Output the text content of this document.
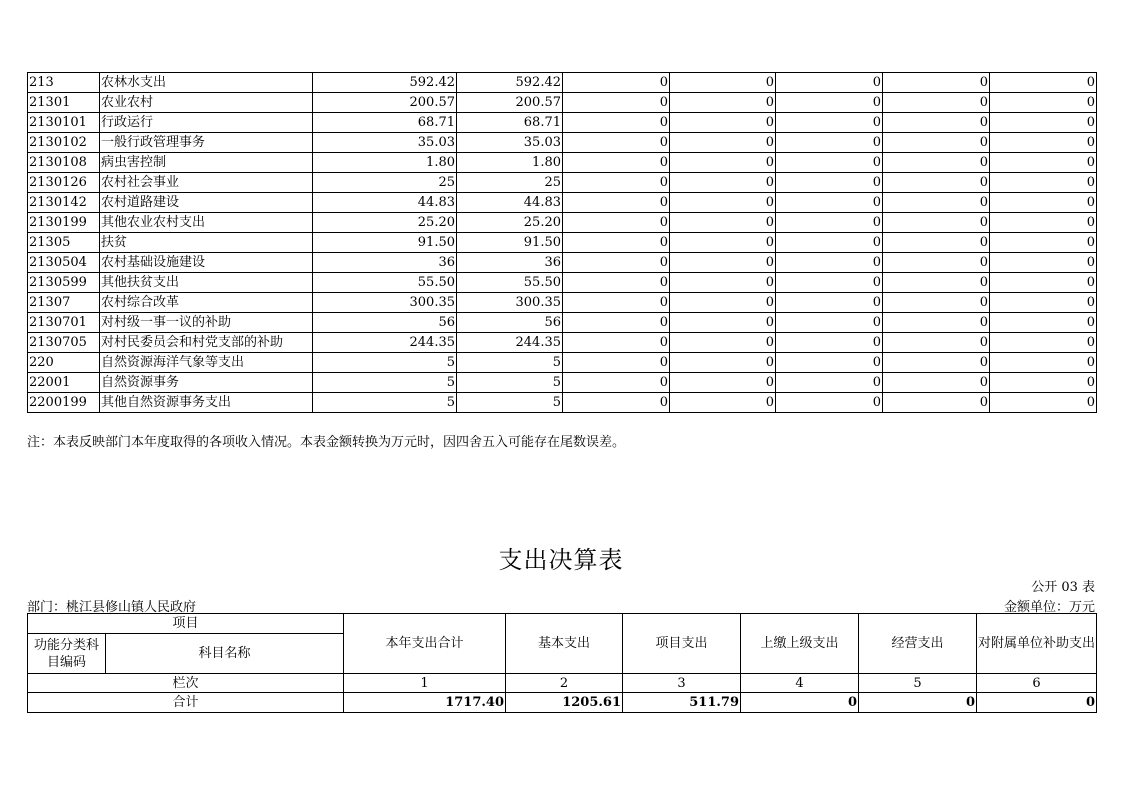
213	农林水支出	592.42	592.42	0	0	0	0	0
21301	农业农村	200.57	200.57	0	0	0	0	0
2130101	行政运行	68.71	68.71	0	0	0	0	0
2130102	一般行政管理事务	35.03	35.03	0	0	0	0	0
2130108	病虫害控制	1.80	1.80	0	0	0	0	0
2130126	农村社会事业	25	25	0	0	0	0	0
2130142	农村道路建设	44.83	44.83	0	0	0	0	0
2130199	其他农业农村支出	25.20	25.20	0	0	0	0	0
21305	扶贫	91.50	91.50	0	0	0	0	0
2130504	农村基础设施建设	36	36	0	0	0	0	0
2130599	其他扶贫支出	55.50	55.50	0	0	0	0	0
21307	农村综合改革	300.35	300.35	0	0	0	0	0
2130701	对村级一事一议的补助	56	56	0	0	0	0	0
2130705	对村民委员会和村党支部的补助	244.35	244.35	0	0	0	0	0
220	自然资源海洋气象等支出	5	5	0	0	0	0	0
22001	自然资源事务	5	5	0	0	0	0	0
2200199	其他自然资源事务支出	5	5	0	0	0	0	0
注：本表反映部门本年度取得的各项收入情况。本表金额转换为万元时，因四舍五入可能存在尾数误差。
支出决算表
公开 03 表
部门：桃江县修山镇人民政府	金额单位：万元
项目		本年支出合计	基本支出	项目支出	上缴上级支出	经营支出	对附属单位补助支出
功能分类科目编码	科目名称						
栏次		1	2	3	4	5	6
合计		1717.40	1205.61	511.79	0	0	0
